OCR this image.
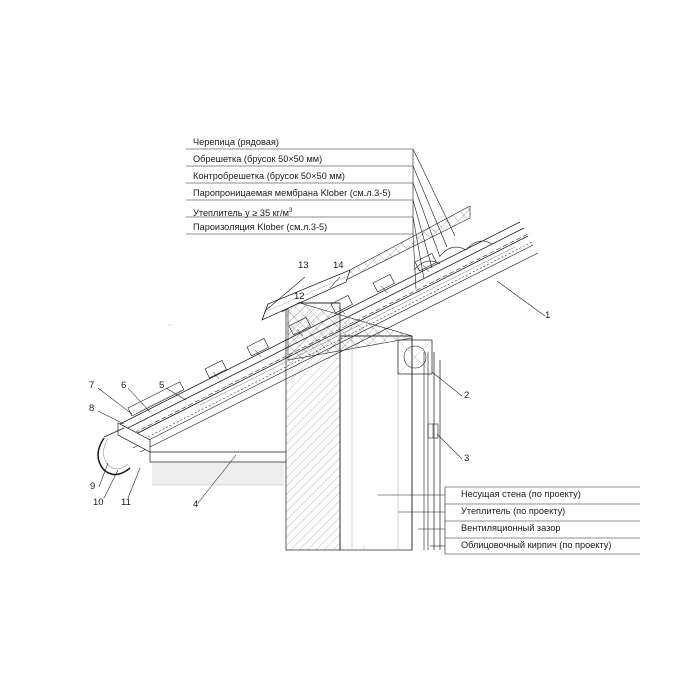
Черепица (рядовая)
Обрешетка (брусок 50×50 мм)
Контробрешетка (брусок 50×50 мм)
Паропроницаемая мембрана Klober (см.л.3-5)
Утеплитель у ≥ 35 $кг/м^3$
Пароизоляция Klober (см.л.3-5)
Несущая стена (по проекту)
Утеплитель (по проекту)
Вентиляционный зазор
Облицовочный кирпич (по проекту)
1
2
3
4
5
6
7
8
9
10 11
12
13	14
